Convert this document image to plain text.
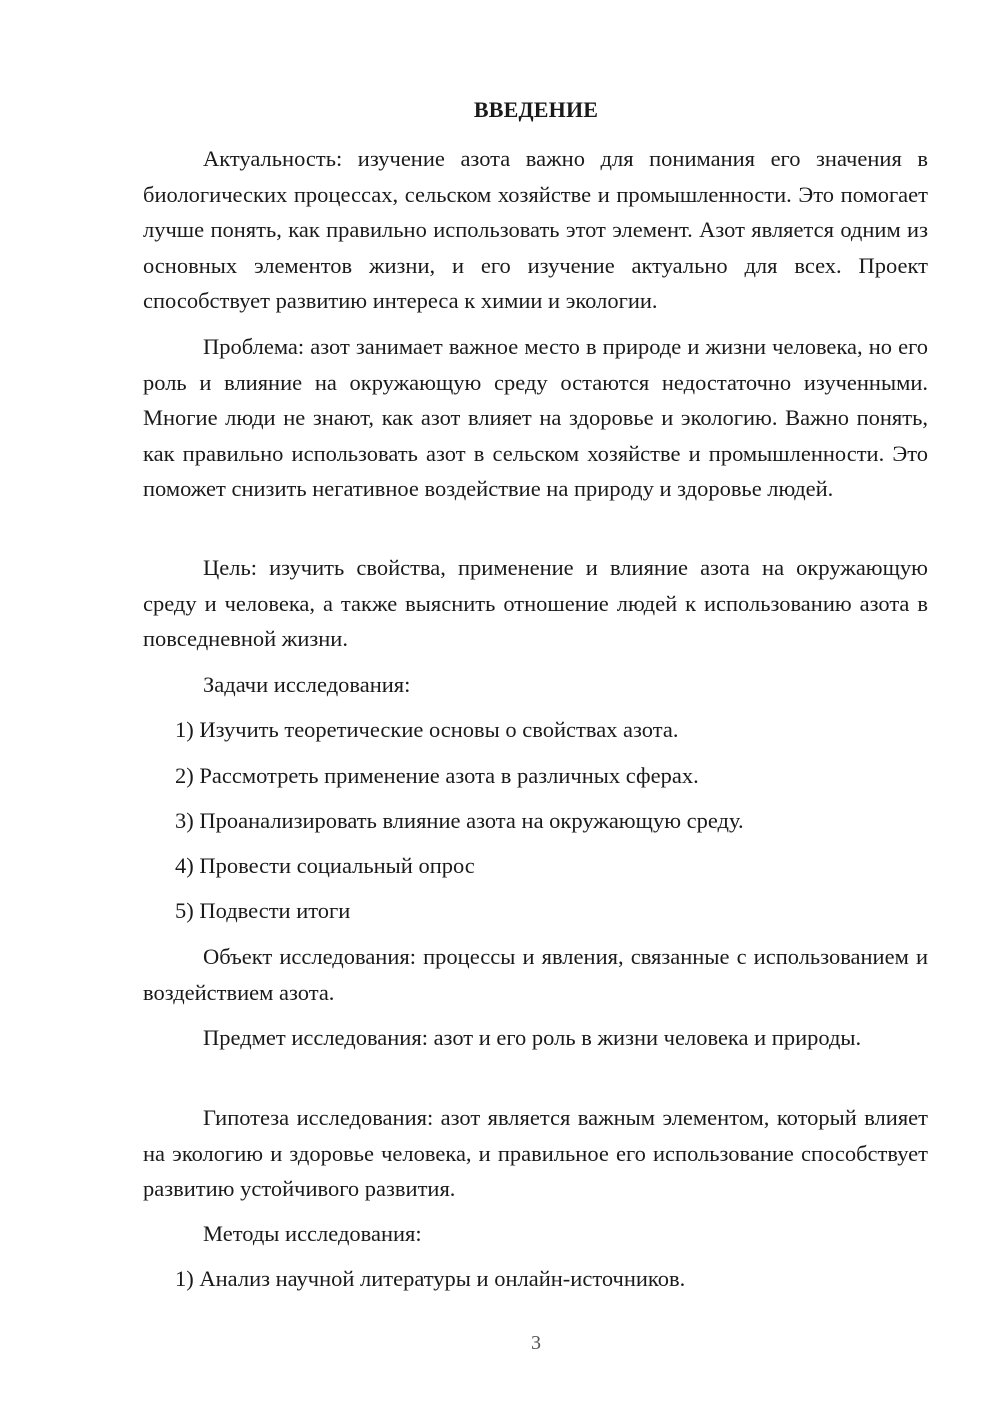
ВВЕДЕНИЕ

Актуальность: изучение азота важно для понимания его значения в биологических процессах, сельском хозяйстве и промышленности. Это помогает лучше понять, как правильно использовать этот элемент. Азот является одним из основных элементов жизни, и его изучение актуально для всех. Проект способствует развитию интереса к химии и экологии.

Проблема: азот занимает важное место в природе и жизни человека, но его роль и влияние на окружающую среду остаются недостаточно изученными. Многие люди не знают, как азот влияет на здоровье и экологию. Важно понять, как правильно использовать азот в сельском хозяйстве и промышленности. Это поможет снизить негативное воздействие на природу и здоровье людей.

Цель: изучить свойства, применение и влияние азота на окружающую среду и человека, а также выяснить отношение людей к использованию азота в повседневной жизни.

Задачи исследования:
1) Изучить теоретические основы о свойствах азота.
2) Рассмотреть применение азота в различных сферах.
3) Проанализировать влияние азота на окружающую среду.
4) Провести социальный опрос
5) Подвести итоги

Объект исследования: процессы и явления, связанные с использованием и воздействием азота.

Предмет исследования: азот и его роль в жизни человека и природы.

Гипотеза исследования: азот является важным элементом, который влияет на экологию и здоровье человека, и правильное его использование способствует развитию устойчивого развития.

Методы исследования:
1) Анализ научной литературы и онлайн-источников.
3
